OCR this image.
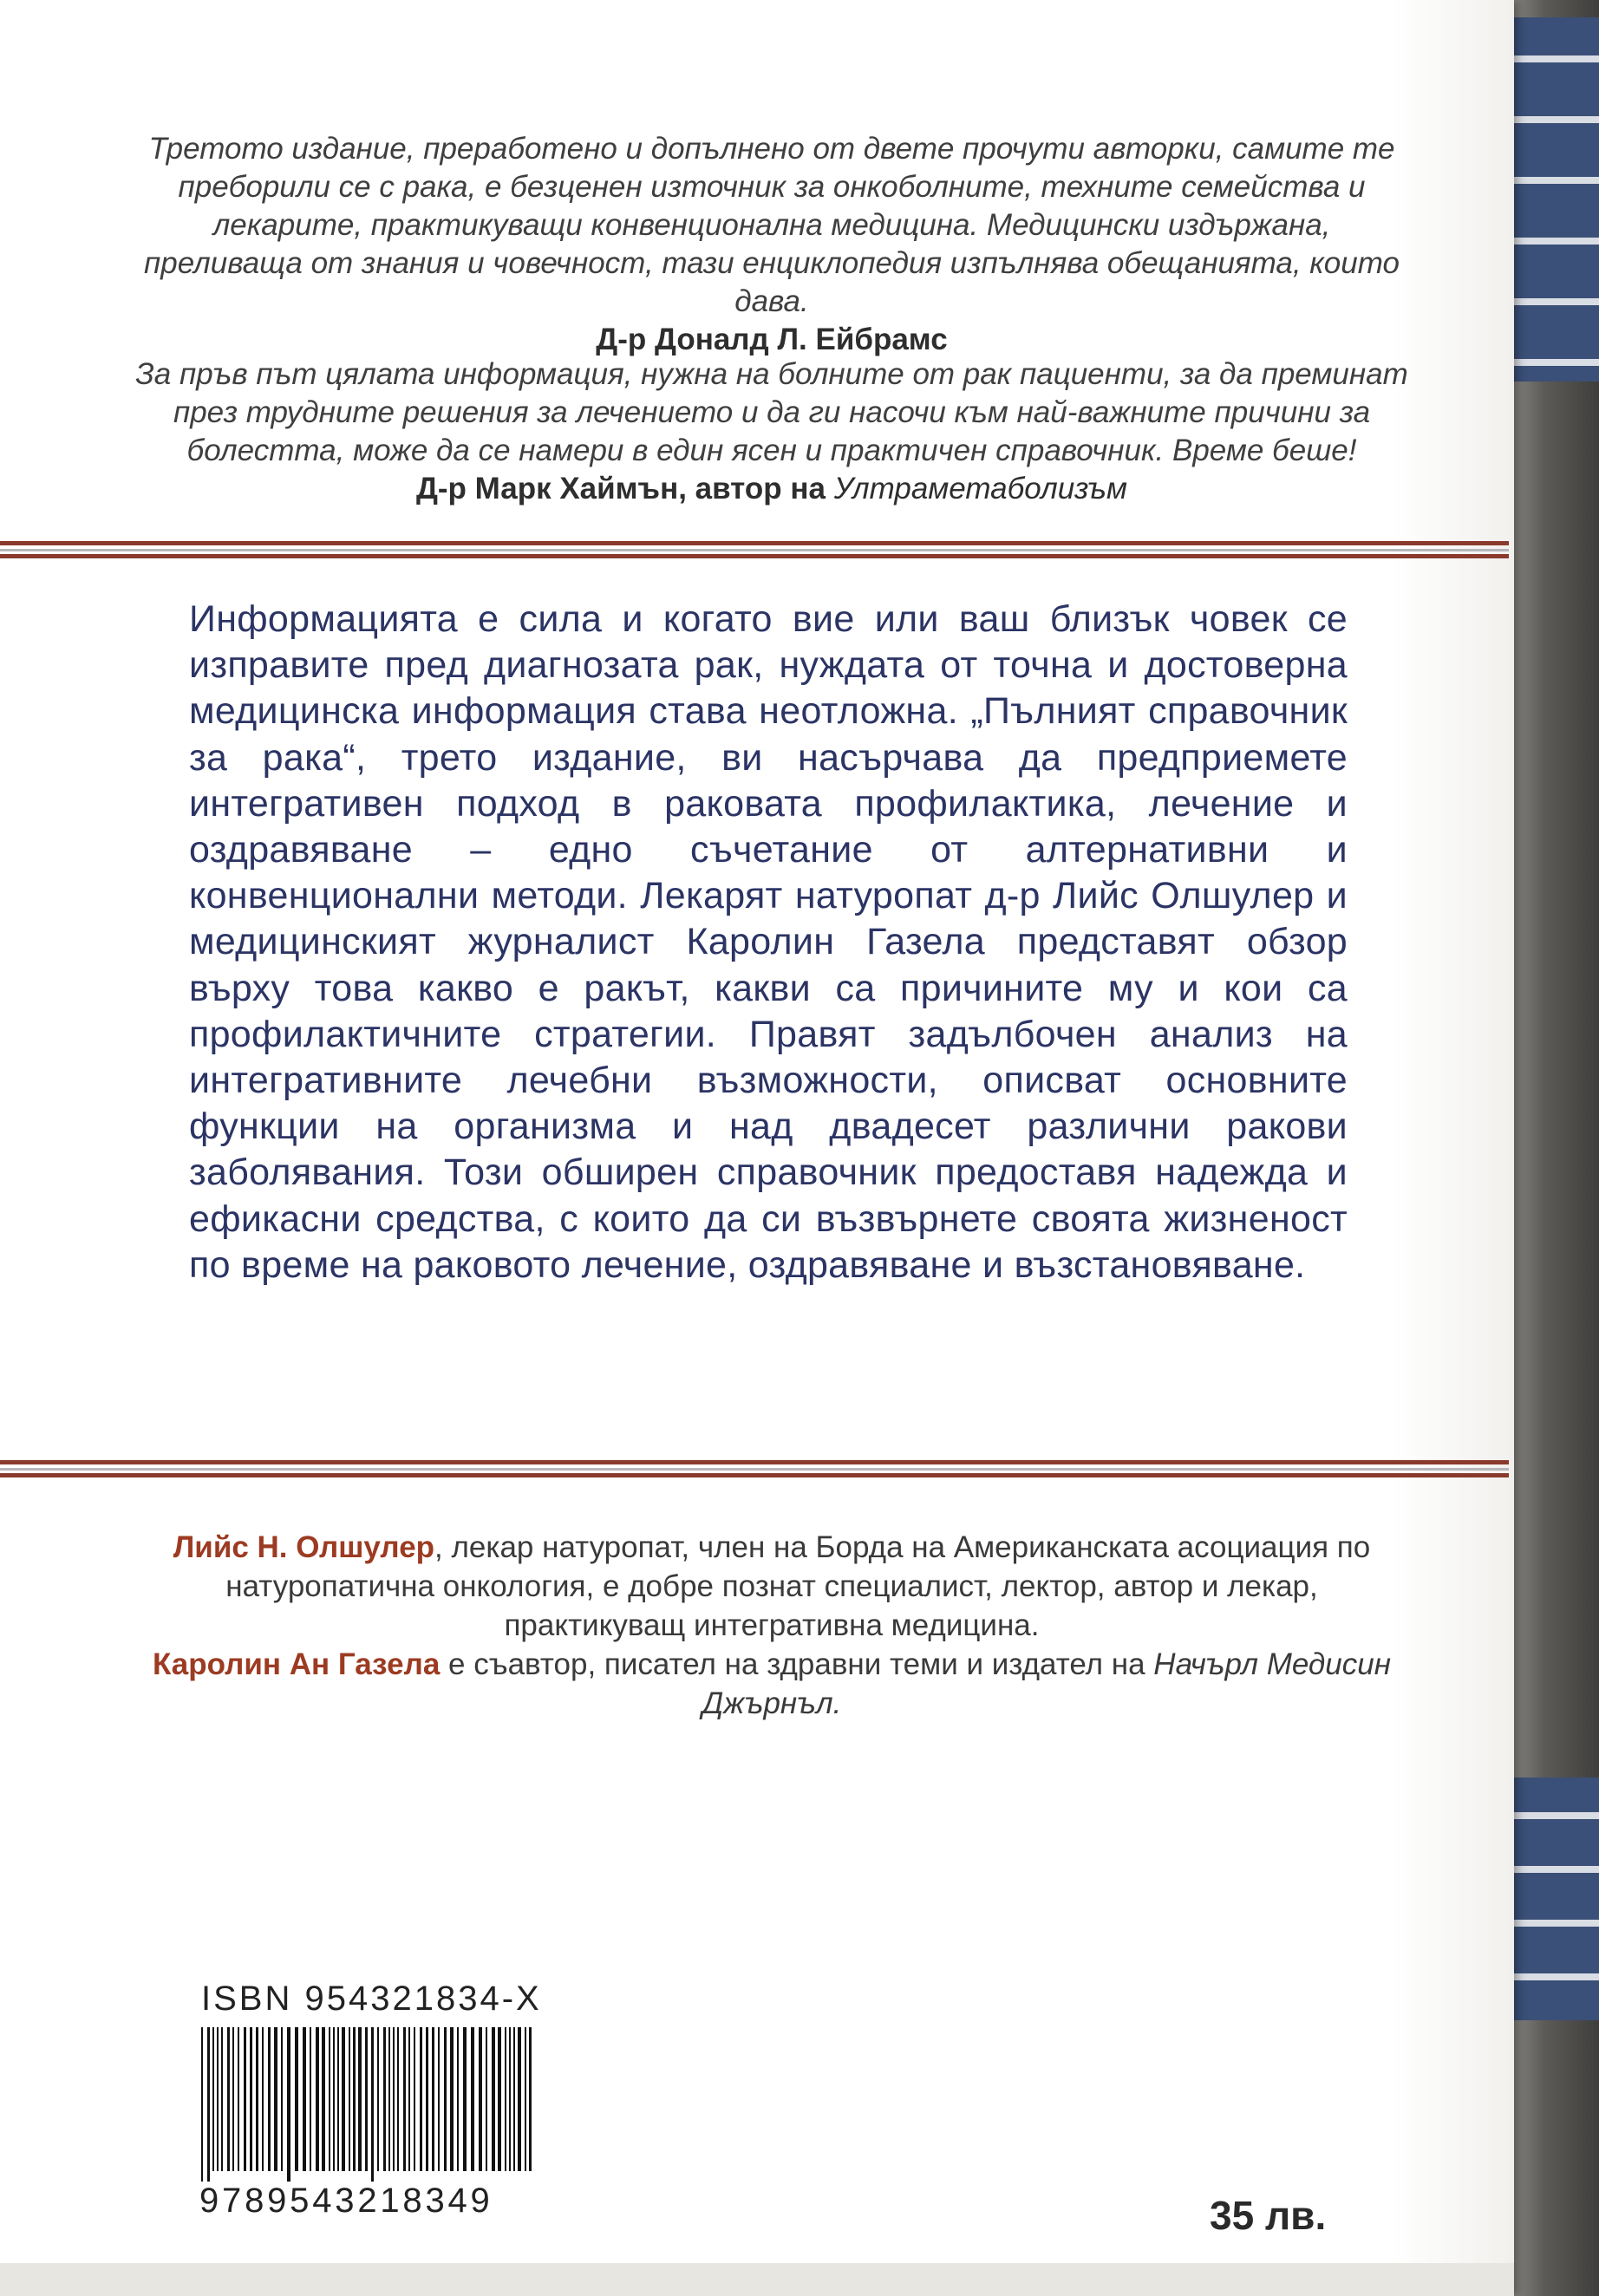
Третото издание, преработено и допълнено от двете прочути авторки, самите те преборили се с рака, е безценен източник за онкоболните, техните семейства и лекарите, практикуващи конвенционална медицина. Медицински издържана, преливаща от знания и човечност, тази енциклопедия изпълнява обещанията, които дава.
Д-р Доналд Л. Ейбрамс

За пръв път цялата информация, нужна на болните от рак пациенти, за да преминат през трудните решения за лечението и да ги насочи към най-важните причини за болестта, може да се намери в един ясен и практичен справочник. Време беше!
Д-р Марк Хаймън, автор на Ултраметаболизъм

Информацията е сила и когато вие или ваш близък човек се изправите пред диагнозата рак, нуждата от точна и достоверна медицинска информация става неотложна. „Пълният справочник за рака“, трето издание, ви насърчава да предприемете интегративен подход в раковата профилактика, лечение и оздравяване – едно съчетание от алтернативни и конвенционални методи. Лекарят натуропат д-р Лийс Олшулер и медицинският журналист Каролин Газела представят обзор върху това какво е ракът, какви са причините му и кои са профилактичните стратегии. Правят задълбочен анализ на интегративните лечебни възможности, описват основните функции на организма и над двадесет различни ракови заболявания. Този обширен справочник предоставя надежда и ефикасни средства, с които да си възвърнете своята жизненост по време на раковото лечение, оздравяване и възстановяване.

Лийс Н. Олшулер, лекар натуропат, член на Борда на Американската асоциация по натуропатична онкология, е добре познат специалист, лектор, автор и лекар, практикуващ интегративна медицина.
Каролин Ан Газела е съавтор, писател на здравни теми и издател на Начърл Медисин Джърнъл.

ISBN 954321834-X
9789543218349	35 лв.
